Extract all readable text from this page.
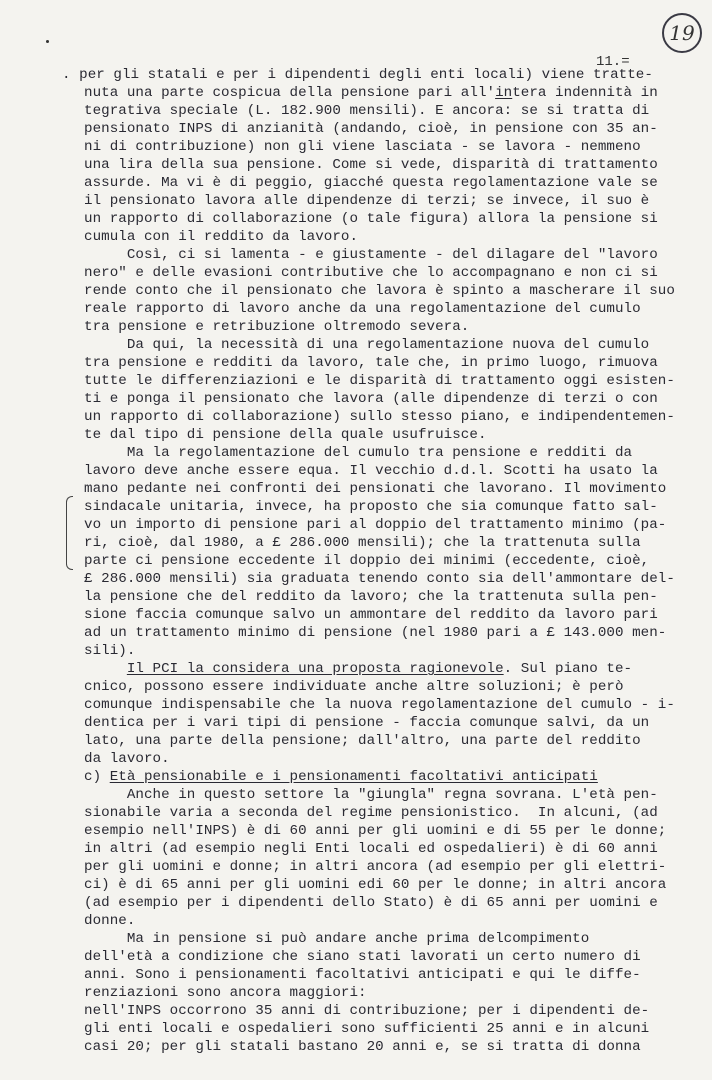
19
11.=
. per gli statali e per i dipendenti degli enti locali) viene tratte-
nuta una parte cospicua della pensione pari all'intera indennità in
tegrativa speciale (L. 182.900 mensili). E ancora: se si tratta di
pensionato INPS di anzianità (andando, cioè, in pensione con 35 an-
ni di contribuzione) non gli viene lasciata - se lavora - nemmeno
una lira della sua pensione. Come si vede, disparità di trattamento
assurde. Ma vi è di peggio, giacché questa regolamentazione vale se
il pensionato lavora alle dipendenze di terzi; se invece, il suo è
un rapporto di collaborazione (o tale figura) allora la pensione si
cumula con il reddito da lavoro.
Così, ci si lamenta - e giustamente - del dilagare del "lavoro
nero" e delle evasioni contributive che lo accompagnano e non ci si
rende conto che il pensionato che lavora è spinto a mascherare il suo
reale rapporto di lavoro anche da una regolamentazione del cumulo
tra pensione e retribuzione oltremodo severa.
Da qui, la necessità di una regolamentazione nuova del cumulo
tra pensione e redditi da lavoro, tale che, in primo luogo, rimuova
tutte le differenziazioni e le disparità di trattamento oggi esisten-
ti e ponga il pensionato che lavora (alle dipendenze di terzi o con
un rapporto di collaborazione) sullo stesso piano, e indipendentemen-
te dal tipo di pensione della quale usufruisce.
Ma la regolamentazione del cumulo tra pensione e redditi da
lavoro deve anche essere equa. Il vecchio d.d.l. Scotti ha usato la
mano pedante nei confronti dei pensionati che lavorano. Il movimento
sindacale unitaria, invece, ha proposto che sia comunque fatto sal-
vo un importo di pensione pari al doppio del trattamento minimo (pa-
ri, cioè, dal 1980, a £ 286.000 mensili); che la trattenuta sulla
parte ci pensione eccedente il doppio dei minimi (eccedente, cioè,
£ 286.000 mensili) sia graduata tenendo conto sia dell'ammontare del-
la pensione che del reddito da lavoro; che la trattenuta sulla pen-
sione faccia comunque salvo un ammontare del reddito da lavoro pari
ad un trattamento minimo di pensione (nel 1980 pari a £ 143.000 men-
sili).
Il PCI la considera una proposta ragionevole. Sul piano te-
cnico, possono essere individuate anche altre soluzioni; è però
comunque indispensabile che la nuova regolamentazione del cumulo - i-
dentica per i vari tipi di pensione - faccia comunque salvi, da un
lato, una parte della pensione; dall'altro, una parte del reddito
da lavoro.
c) Età pensionabile e i pensionamenti facoltativi anticipati
Anche in questo settore la "giungla" regna sovrana. L'età pen-
sionabile varia a seconda del regime pensionistico.  In alcuni, (ad
esempio nell'INPS) è di 60 anni per gli uomini e di 55 per le donne;
in altri (ad esempio negli Enti locali ed ospedalieri) è di 60 anni
per gli uomini e donne; in altri ancora (ad esempio per gli elettri-
ci) è di 65 anni per gli uomini edi 60 per le donne; in altri ancora
(ad esempio per i dipendenti dello Stato) è di 65 anni per uomini e
donne.
Ma in pensione si può andare anche prima delcompimento
dell'età a condizione che siano stati lavorati un certo numero di
anni. Sono i pensionamenti facoltativi anticipati e qui le diffe-
renziazioni sono ancora maggiori:
nell'INPS occorrono 35 anni di contribuzione; per i dipendenti de-
gli enti locali e ospedalieri sono sufficienti 25 anni e in alcuni
casi 20; per gli statali bastano 20 anni e, se si tratta di donna
